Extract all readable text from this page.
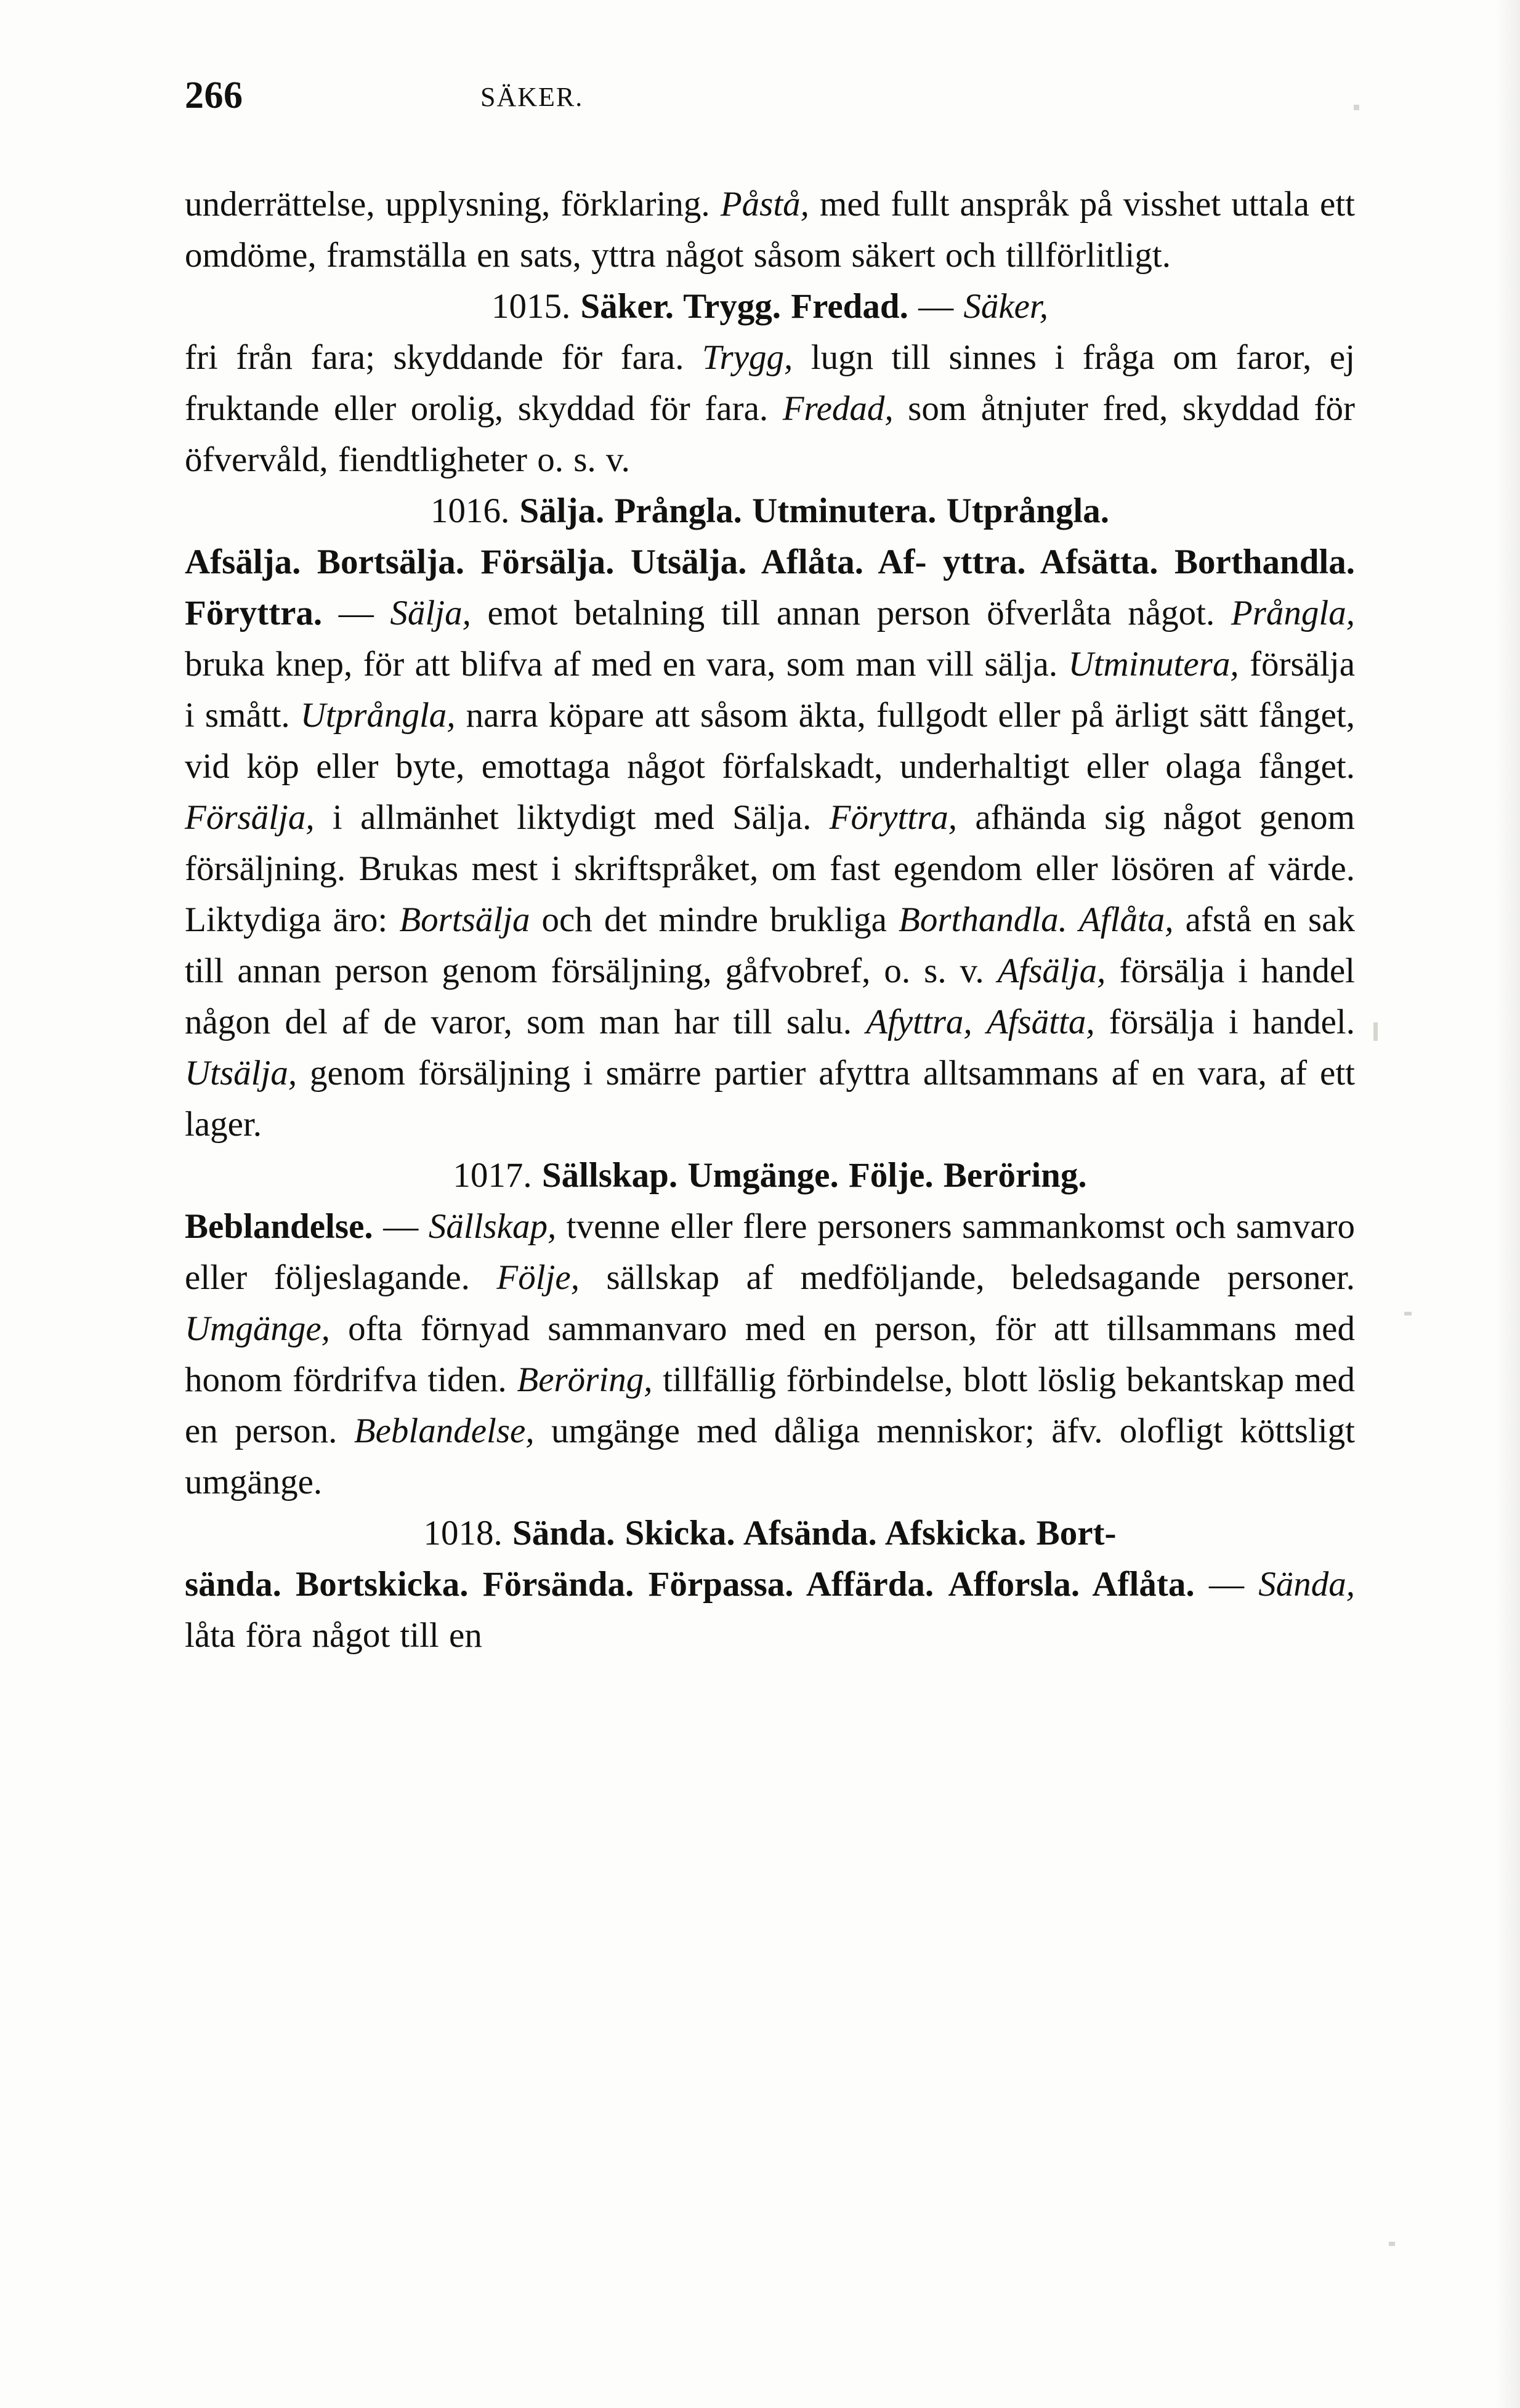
266	SÄKER.

underrättelse, upplysning, förklaring. Påstå, med fullt anspråk på visshet uttala ett omdöme, framställa en sats, yttra något såsom säkert och tillförlitligt.

1015. Säker. Trygg. Fredad. — Säker,
fri från fara; skyddande för fara. Trygg, lugn till sinnes i fråga om faror, ej fruktande eller orolig, skyddad för fara. Fredad, som åtnjuter fred, skyddad för öfvervåld, fiendtligheter o. s. v.

1016. Sälja. Prångla. Utminutera. Utprångla.
Afsälja. Bortsälja. Försälja. Utsälja. Aflåta. Af- yttra. Afsätta. Borthandla. Föryttra. — Sälja, emot betalning till annan person öfverlåta något. Prångla, bruka knep, för att blifva af med en vara, som man vill sälja. Utminutera, försälja i smått. Utprångla, narra köpare att såsom äkta, fullgodt eller på ärligt sätt fånget, vid köp eller byte, emottaga något förfalskadt, underhaltigt eller olaga fånget. Försälja, i allmänhet liktydigt med Sälja. Föryttra, afhända sig något genom försäljning. Brukas mest i skriftspråket, om fast egendom eller lösören af värde. Liktydiga äro: Bortsälja och det mindre brukliga Borthandla. Aflåta, afstå en sak till annan person genom försäljning, gåfvobref, o. s. v. Afsälja, försälja i handel någon del af de varor, som man har till salu. Afyttra, Afsätta, försälja i handel. Utsälja, genom försäljning i smärre partier afyttra alltsammans af en vara, af ett lager.

1017. Sällskap. Umgänge. Följe. Beröring.
Beblandelse. — Sällskap, tvenne eller flere personers sammankomst och samvaro eller följeslagande. Följe, sällskap af medföljande, beledsagande personer. Umgänge, ofta förnyad sammanvaro med en person, för att tillsammans med honom fördrifva tiden. Beröring, tillfällig förbindelse, blott löslig bekantskap med en person. Beblandelse, umgänge med dåliga menniskor; äfv. olofligt köttsligt umgänge.

1018. Sända. Skicka. Afsända. Afskicka. Bort-
sända. Bortskicka. Försända. Förpassa. Affärda. Afforsla. Aflåta. — Sända, låta föra något till en
